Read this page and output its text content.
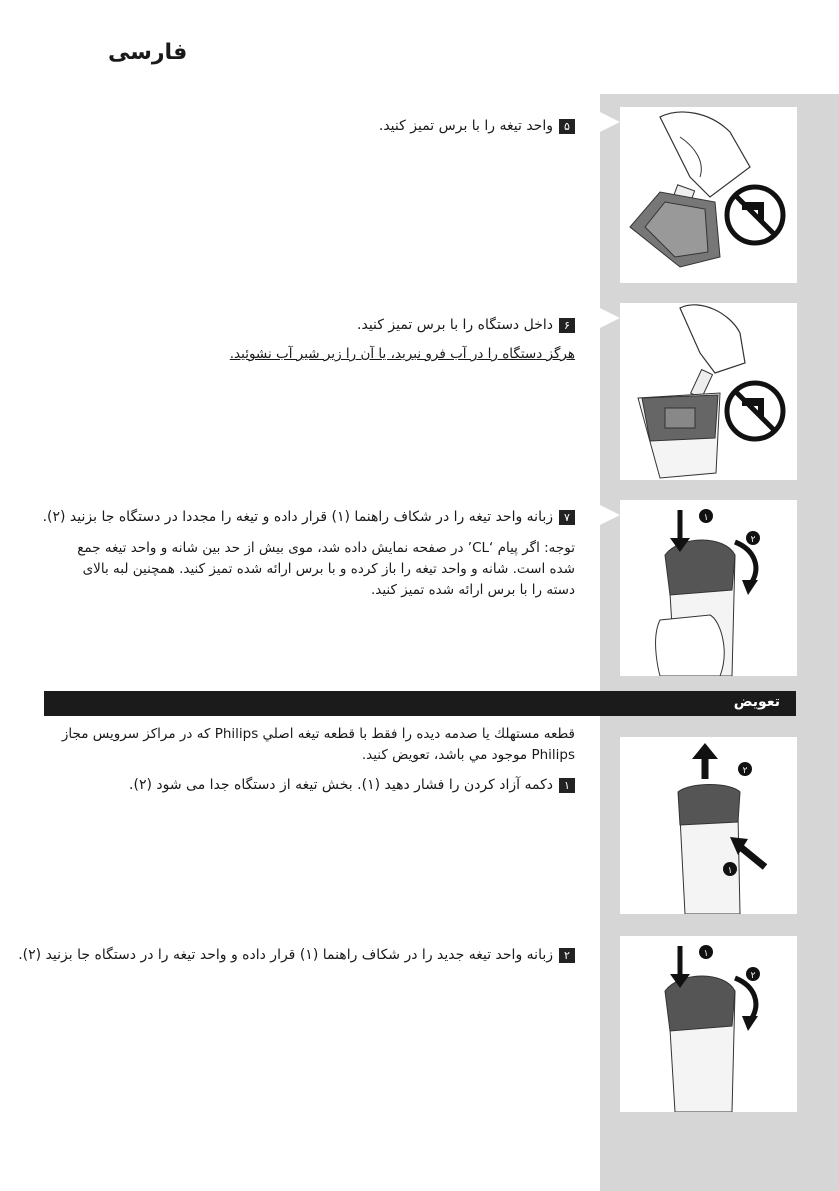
فارسی
۱
۲
۲
۱
۱
۲
۵واحد تیغه را با برس تمیز کنید.
۶داخل دستگاه را با برس تمیز کنید.
هرگز دستگاه را در آب فرو نبرید، یا آن را زیر شیر آب نشوئید.
۷زبانه واحد تیغه را در شکاف راهنما (۱) قرار داده و تیغه را مجددا در دستگاه جا بزنید (۲).
توجه: اگر پیام ‘CL’ در صفحه نمایش داده شد، موی بیش از حد بین شانه و واحد تیغه جمع شده است. شانه و واحد تیغه را باز کرده و با برس ارائه شده تمیز کنید. همچنین لبه بالای دسته را با برس ارائه شده تمیز کنید.
تعویض
قطعه مستهلك يا صدمه ديده را فقط با قطعه تيغه اصلي Philips كه در مراكز سرويس مجاز Philips موجود مي باشد، تعويض كنيد.
۱دکمه آزاد کردن را فشار دهید (۱). بخش تیغه از دستگاه جدا می شود (۲).
۲زبانه واحد تیغه جدید را در شکاف راهنما (۱) قرار داده و واحد تیغه را در دستگاه جا بزنید (۲).
